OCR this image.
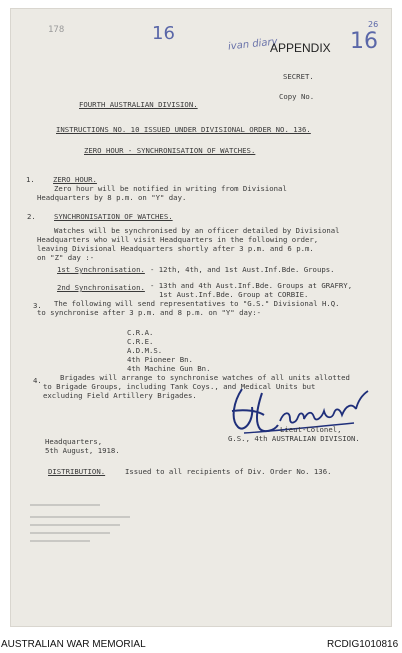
178	16
ivan diary
APPENDIX 16
26
SECRET.
Copy No.
FOURTH AUSTRALIAN DIVISION.
INSTRUCTIONS NO. 10 ISSUED UNDER DIVISIONAL ORDER NO. 136.
ZERO HOUR - SYNCHRONISATION OF WATCHES.
1. ZERO HOUR.
Zero hour will be notified in writing from Divisional
Headquarters by 8 p.m. on "Y" day.
2. SYNCHRONISATION OF WATCHES.
Watches will be synchronised by an officer detailed by Divisional
Headquarters who will visit Headquarters in the following order,
leaving Divisional Headquarters shortly after 3 p.m. and 6 p.m.
on "Z" day :-
1st Synchronisation. - 12th, 4th, and 1st Aust.Inf.Bde. Groups.
2nd Synchronisation. - 13th and 4th Aust.Inf.Bde. Groups at GRAFRY,
1st Aust.Inf.Bde. Group at CORBIE.
3. The following will send representatives to "G.S." Divisional H.Q.
to synchronise after 3 p.m. and 8 p.m. on "Y" day:-
C.R.A.
C.R.E.
A.D.M.S.
4th Pioneer Bn.
4th Machine Gun Bn.
4. Brigades will arrange to synchronise watches of all units allotted
to Brigade Groups, including Tank Coys., and Medical Units but
excluding Field Artillery Brigades.
Lieut-Colonel,
G.S., 4th AUSTRALIAN DIVISION.
Headquarters,
5th August, 1918.
DISTRIBUTION.	Issued to all recipients of Div. Order No. 136.
AUSTRALIAN WAR MEMORIAL	RCDIG1010816
